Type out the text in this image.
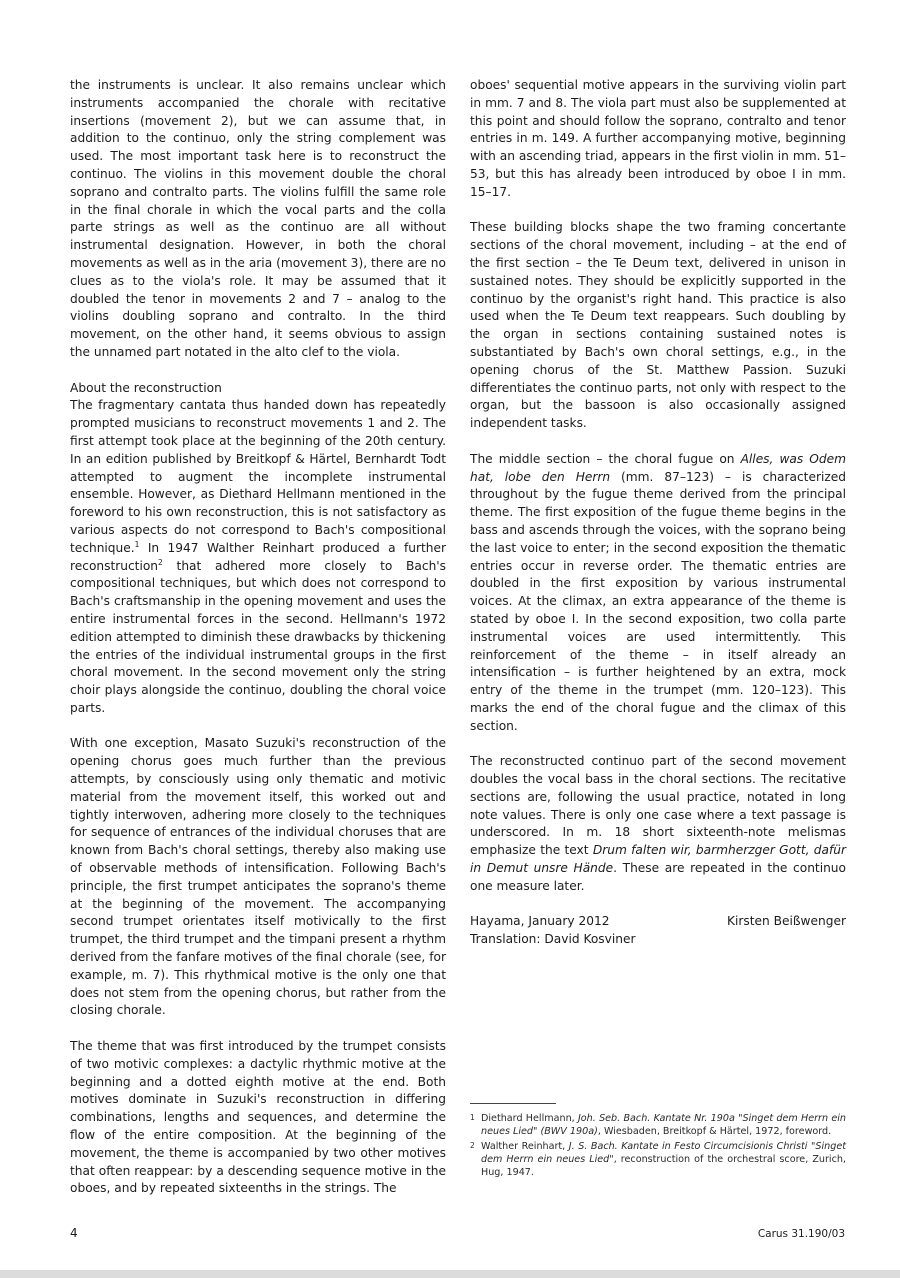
the instruments is unclear. It also remains unclear which instruments accompanied the chorale with recitative insertions (movement 2), but we can assume that, in addition to the continuo, only the string complement was used. The most important task here is to reconstruct the continuo. The violins in this movement double the choral soprano and contralto parts. The violins fulfill the same role in the final chorale in which the vocal parts and the colla parte strings as well as the continuo are all without instrumental designation. However, in both the choral movements as well as in the aria (movement 3), there are no clues as to the viola's role. It may be assumed that it doubled the tenor in movements 2 and 7 – analog to the violins doubling soprano and contralto. In the third movement, on the other hand, it seems obvious to assign the unnamed part notated in the alto clef to the viola.

About the reconstruction
The fragmentary cantata thus handed down has repeatedly prompted musicians to reconstruct movements 1 and 2. The first attempt took place at the beginning of the 20th century. In an edition published by Breitkopf & Härtel, Bernhardt Todt attempted to augment the incomplete instrumental ensemble. However, as Diethard Hellmann mentioned in the foreword to his own reconstruction, this is not satisfactory as various aspects do not correspond to Bach's compositional technique.$^1$ In 1947 Walther Reinhart produced a further reconstruction$^2$ that adhered more closely to Bach's compositional techniques, but which does not correspond to Bach's craftsmanship in the opening movement and uses the entire instrumental forces in the second. Hellmann's 1972 edition attempted to diminish these drawbacks by thickening the entries of the individual instrumental groups in the first choral movement. In the second movement only the string choir plays alongside the continuo, doubling the choral voice parts.

With one exception, Masato Suzuki's reconstruction of the opening chorus goes much further than the previous attempts, by consciously using only thematic and motivic material from the movement itself, this worked out and tightly interwoven, adhering more closely to the techniques for sequence of entrances of the individual choruses that are known from Bach's choral settings, thereby also making use of observable methods of intensification. Following Bach's principle, the first trumpet anticipates the soprano's theme at the beginning of the movement. The accompanying second trumpet orientates itself motivically to the first trumpet, the third trumpet and the timpani present a rhythm derived from the fanfare motives of the final chorale (see, for example, m. 7). This rhythmical motive is the only one that does not stem from the opening chorus, but rather from the closing chorale.

The theme that was first introduced by the trumpet consists of two motivic complexes: a dactylic rhythmic motive at the beginning and a dotted eighth motive at the end. Both motives dominate in Suzuki's reconstruction in differing combinations, lengths and sequences, and determine the flow of the entire composition. At the beginning of the movement, the theme is accompanied by two other motives that often reappear: by a descending sequence motive in the oboes, and by repeated sixteenths in the strings. The

oboes' sequential motive appears in the surviving violin part in mm. 7 and 8. The viola part must also be supplemented at this point and should follow the soprano, contralto and tenor entries in m. 149. A further accompanying motive, beginning with an ascending triad, appears in the first violin in mm. 51–53, but this has already been introduced by oboe I in mm. 15–17.

These building blocks shape the two framing concertante sections of the choral movement, including – at the end of the first section – the Te Deum text, delivered in unison in sustained notes. They should be explicitly supported in the continuo by the organist's right hand. This practice is also used when the Te Deum text reappears. Such doubling by the organ in sections containing sustained notes is substantiated by Bach's own choral settings, e.g., in the opening chorus of the St. Matthew Passion. Suzuki differentiates the continuo parts, not only with respect to the organ, but the bassoon is also occasionally assigned independent tasks.

The middle section – the choral fugue on Alles, was Odem hat, lobe den Herrn (mm. 87–123) – is characterized throughout by the fugue theme derived from the principal theme. The first exposition of the fugue theme begins in the bass and ascends through the voices, with the soprano being the last voice to enter; in the second exposition the thematic entries occur in reverse order. The thematic entries are doubled in the first exposition by various instrumental voices. At the climax, an extra appearance of the theme is stated by oboe I. In the second exposition, two colla parte instrumental voices are used intermittently. This reinforcement of the theme – in itself already an intensification – is further heightened by an extra, mock entry of the theme in the trumpet (mm. 120–123). This marks the end of the choral fugue and the climax of this section.

The reconstructed continuo part of the second movement doubles the vocal bass in the choral sections. The recitative sections are, following the usual practice, notated in long note values. There is only one case where a text passage is underscored. In m. 18 short sixteenth-note melismas emphasize the text Drum falten wir, barmherzger Gott, dafür in Demut unsre Hände. These are repeated in the continuo one measure later.

Hayama, January 2012	Kirsten Beißwenger
Translation: David Kosviner
1 Diethard Hellmann, Joh. Seb. Bach. Kantate Nr. 190a "Singet dem Herrn ein neues Lied" (BWV 190a), Wiesbaden, Breitkopf & Härtel, 1972, foreword.
2 Walther Reinhart, J. S. Bach. Kantate in Festo Circumcisionis Christi "Singet dem Herrn ein neues Lied", reconstruction of the orchestral score, Zurich, Hug, 1947.
4	Carus 31.190/03
